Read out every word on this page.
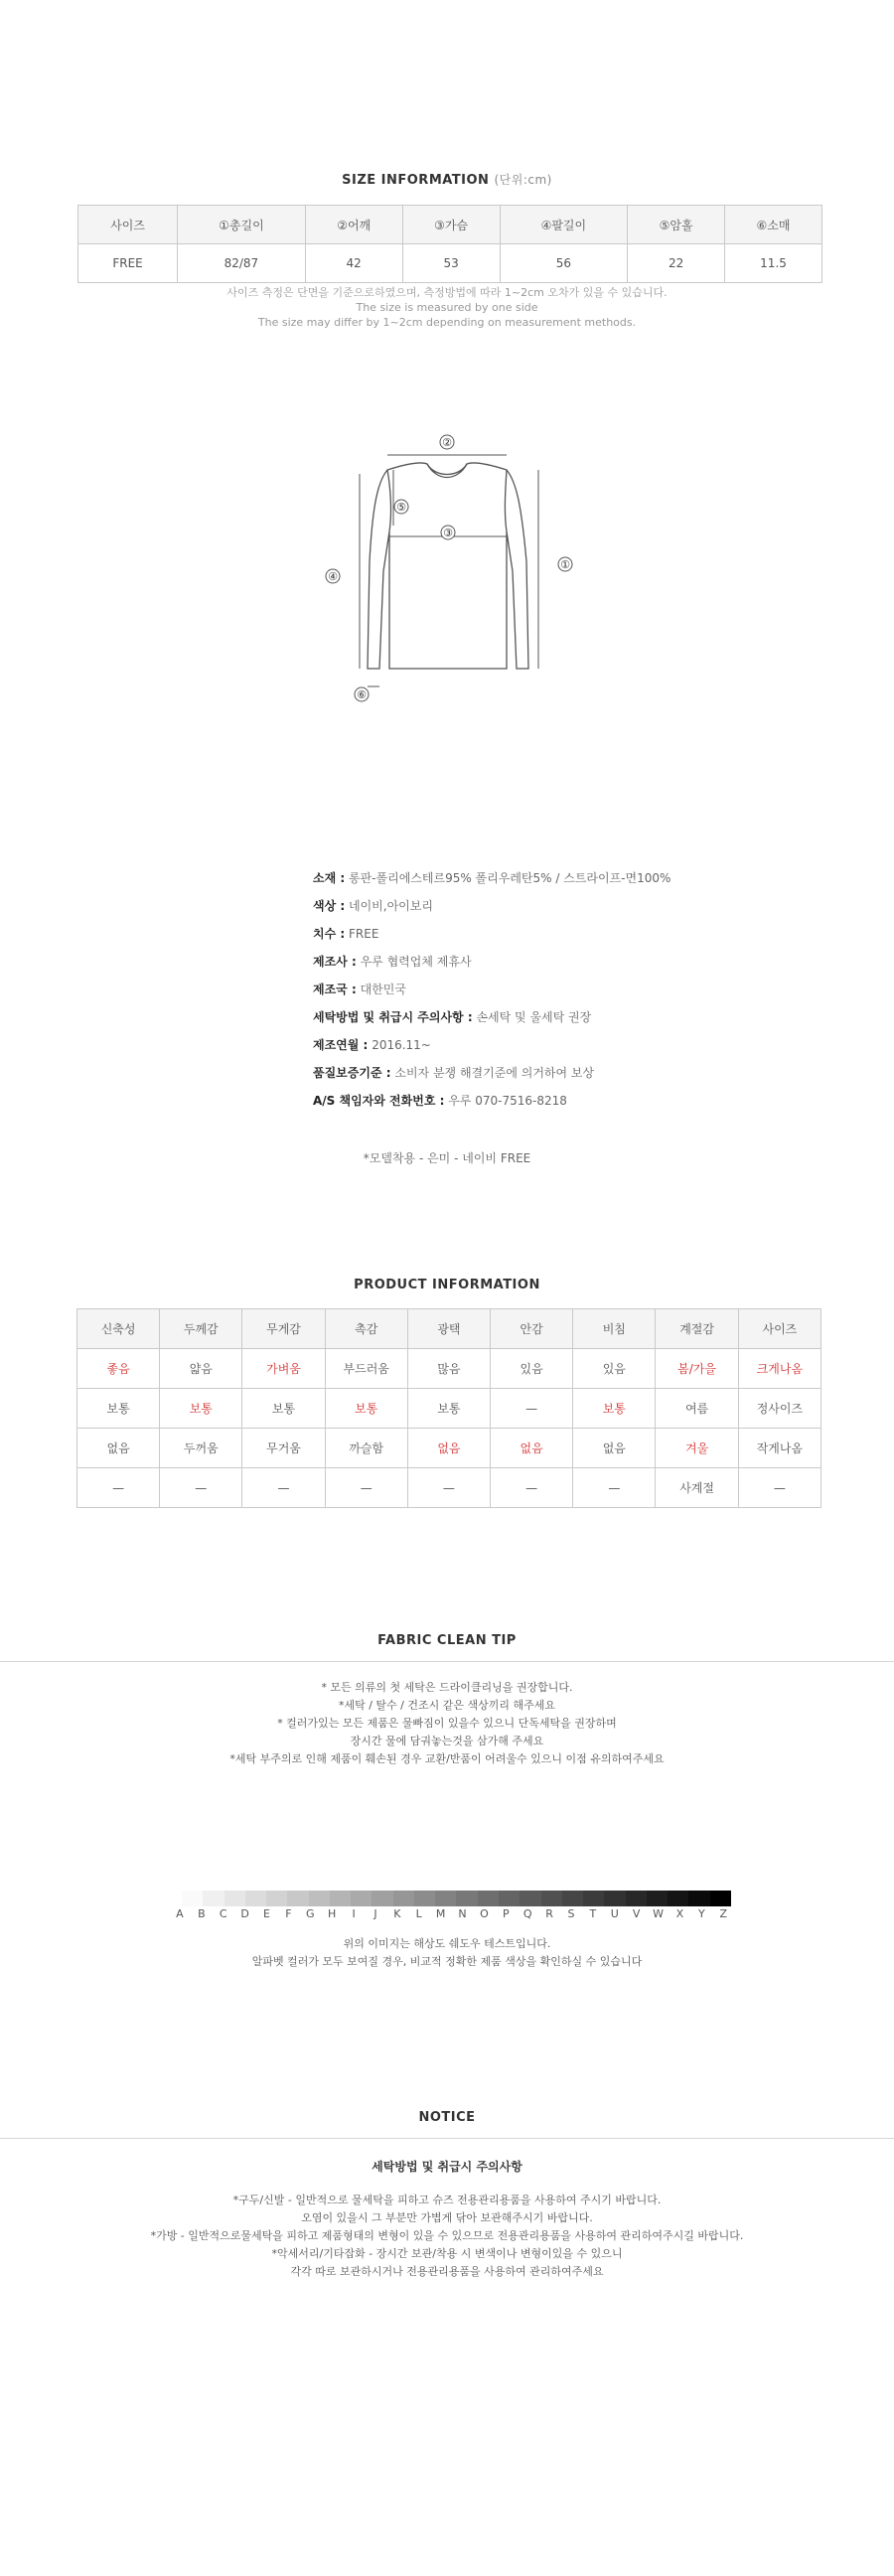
SIZE INFORMATION (단위:cm)
사이즈	①총길이	②어깨	③가슴	④팔길이	⑤암홀	⑥소매
FREE	82/87	42	53	56	22	11.5
사이즈 측정은 단면을 기준으로하였으며, 측정방법에 따라 1~2cm 오차가 있을 수 있습니다.
The size is measured by one side
The size may differ by 1~2cm depending on measurement methods.
②
⑤
③
④
①
⑥
소재 : 롱판-폴리에스테르95% 폴리우레탄5% / 스트라이프-면100%
색상 : 네이비,아이보리
치수 : FREE
제조사 : 우루 협력업체 제휴사
제조국 : 대한민국
세탁방법 및 취급시 주의사항 : 손세탁 및 울세탁 권장
제조연월 : 2016.11~
품질보증기준 : 소비자 분쟁 해결기준에 의거하여 보상
A/S 책임자와 전화번호 : 우루 070-7516-8218
*모델착용 - 은미 - 네이비 FREE
PRODUCT INFORMATION
신축성	두께감	무게감	촉감	광택	안감	비침	계절감	사이즈
좋음	얇음	가벼움	부드러움	많음	있음	있음	봄/가을	크게나옴
보통	보통	보통	보통	보통	—	보통	여름	정사이즈
없음	두꺼움	무거움	까슬함	없음	없음	없음	겨울	작게나옴
—	—	—	—	—	—	—	사계절	—
FABRIC CLEAN TIP
* 모든 의류의 첫 세탁은 드라이클리닝을 권장합니다.
*세탁 / 탈수 / 건조시 같은 색상끼리 해주세요
* 컬러가있는 모든 제품은 물빠짐이 있을수 있으니 단독세탁을 권장하며
장시간 물에 담궈놓는것을 삼가해 주세요
*세탁 부주의로 인해 제품이 훼손된 경우 교환/반품이 어려울수 있으니 이점 유의하여주세요
A B C D E F G H I J K L M N O P Q R S T U V W X Y Z
위의 이미지는 해상도 쉐도우 테스트입니다.
알파벳 컬러가 모두 보여질 경우, 비교적 정확한 제품 색상을 확인하실 수 있습니다
NOTICE
세탁방법 및 취급시 주의사항
*구두/신발 - 일반적으로 물세탁을 피하고 슈즈 전용관리용품을 사용하여 주시기 바랍니다.
오염이 있을시 그 부분만 가볍게 닦아 보관해주시기 바랍니다.
*가방 - 일반적으로물세탁을 피하고 제품형태의 변형이 있을 수 있으므로 전용관리용품을 사용하여 관리하여주시길 바랍니다.
*악세서리/기타잡화 - 장시간 보관/착용 시 변색이나 변형이있을 수 있으니
각각 따로 보관하시거나 전용관리용품을 사용하여 관리하여주세요
